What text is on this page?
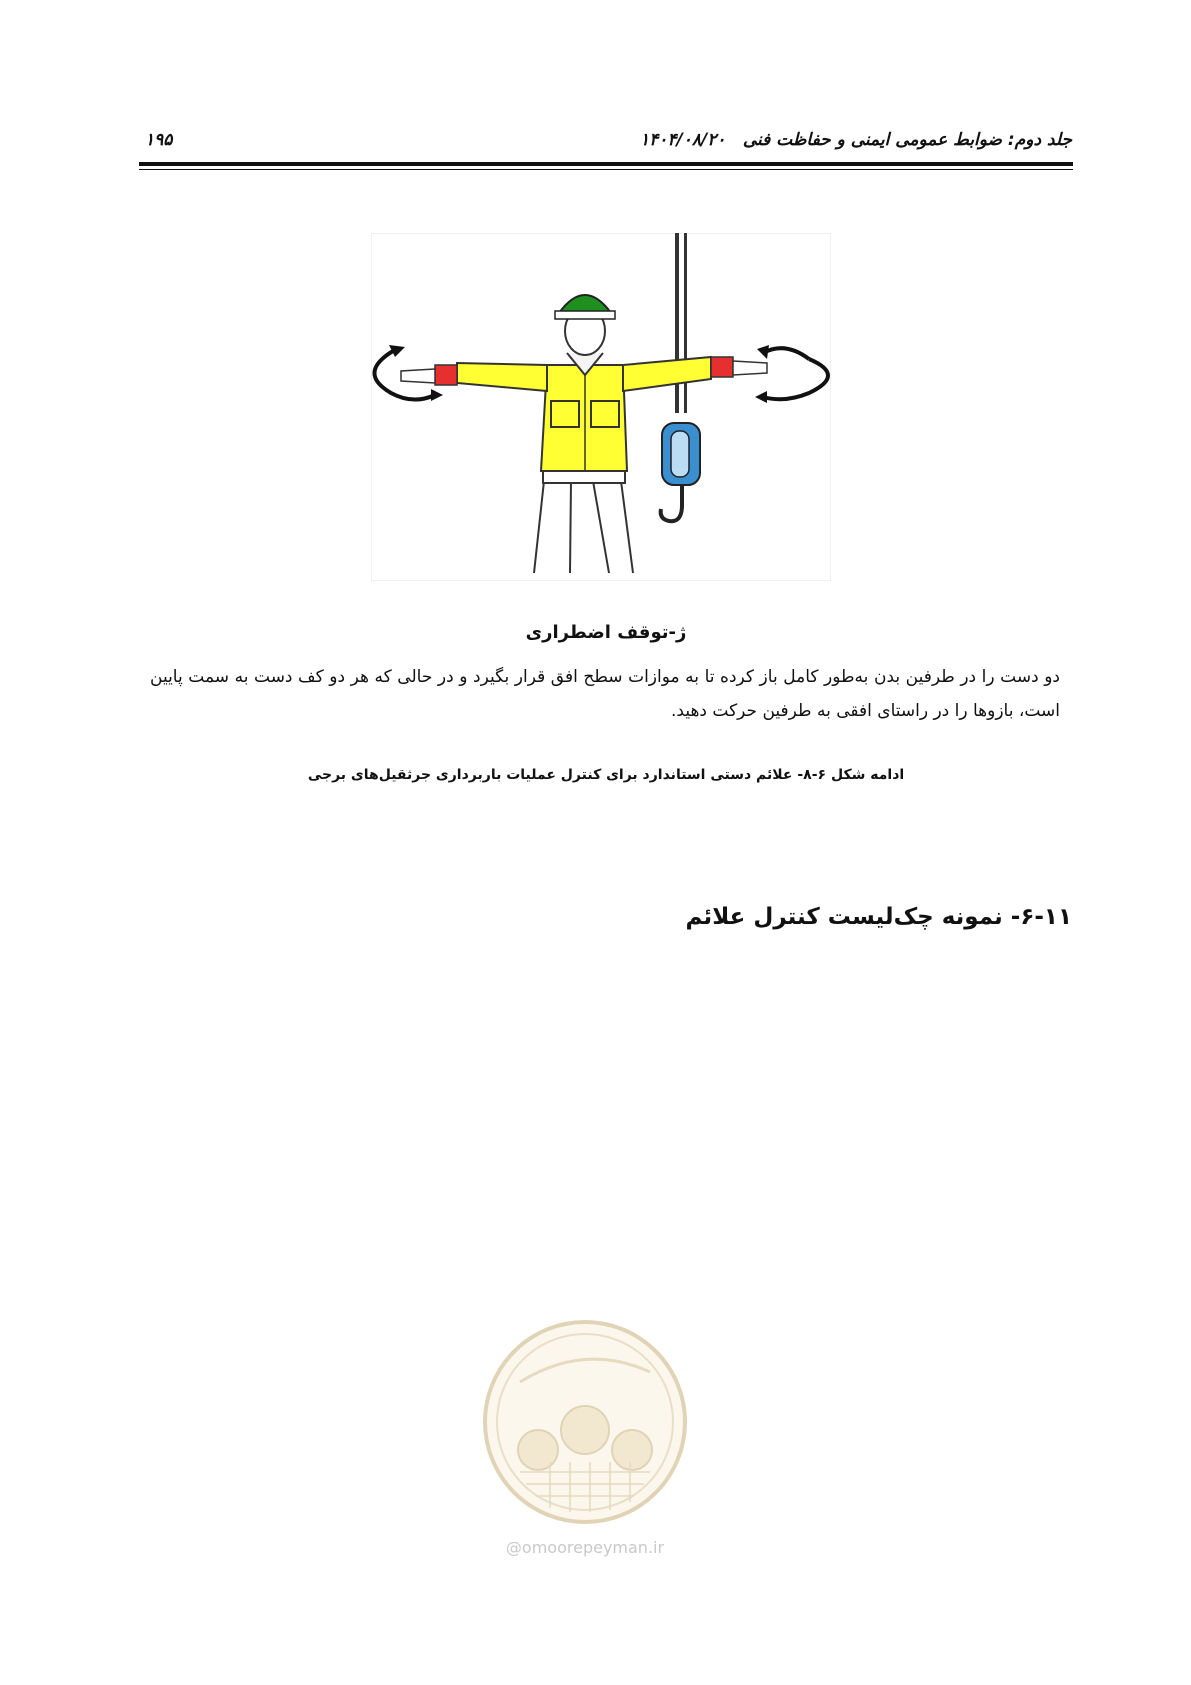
جلد دوم: ضوابط عمومی ایمنی و حفاظت فنی
۱۴۰۴/۰۸/۲۰
۱۹۵
ژ-توقف اضطراری
دو دست را در طرفین بدن به‌طور کامل باز کرده تا به موازات سطح افق قرار بگیرد و در حالی که هر دو کف دست به سمت پایین است، بازوها را در راستای افقی به طرفین حرکت دهید.
ادامه شکل ۶-۸- علائم دستی استاندارد برای کنترل عملیات باربرداری جرثقیل‌های برجی
۶-۱۱- نمونه چک‌لیست کنترل علائم
@omoorepeyman.ir
